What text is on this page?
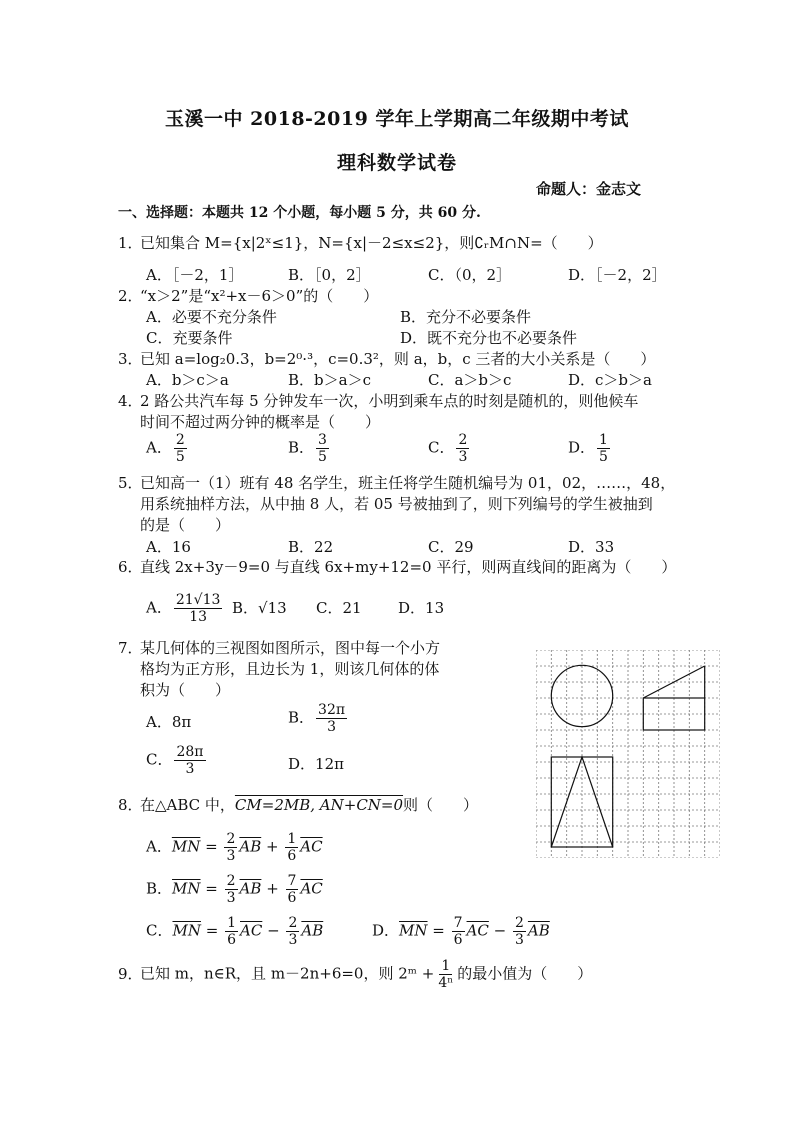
玉溪一中 2018-2019 学年上学期高二年级期中考试
理科数学试卷
命题人：金志文
一、选择题：本题共 12 个小题，每小题 5 分，共 60 分.
1．已知集合 M={x|2ˣ≤1}，N={x|－2≤x≤2}，则∁ᵣM∩N=（　　）
A．［－2，1］	B．［0，2］	C．（0，2］	D．［－2，2］
2．“x＞2”是“x²+x－6＞0”的（　　）
A．必要不充分条件	B．充分不必要条件
C．充要条件	D．既不充分也不必要条件
3．已知 a=log₂0.3，b=2⁰·³，c=0.3²，则 a，b，c 三者的大小关系是（　　）
A．b＞c＞a	B．b＞a＞c	C．a＞b＞c	D．c＞b＞a
4．2 路公共汽车每 5 分钟发车一次，小明到乘车点的时刻是随机的，则他候车
时间不超过两分钟的概率是（　　）
A． $\frac{2}{5}$	B． $\frac{3}{5}$	C． $\frac{2}{3}$	D． $\frac{1}{5}$
5．已知高一（1）班有 48 名学生，班主任将学生随机编号为 01，02，……，48，
用系统抽样方法，从中抽 8 人，若 05 号被抽到了，则下列编号的学生被抽到
的是（　　）
A．16	B．22	C．29	D．33
6．直线 2x+3y－9=0 与直线 6x+my+12=0 平行，则两直线间的距离为（　　）
A． $\frac{21√13}{13}$ B．√13 C．21 D．13
7．某几何体的三视图如图所示，图中每一个小方
格均为正方形，且边长为 1，则该几何体的体
积为（　　）
A．8π	B． $\frac{32\pi}{3}$
C． $\frac{28\pi}{3}$	D．12π
8．在△ABC 中，CM=2MB, AN+CN=0则（　　）
A．$\overline{MN} = \frac{2}{3} \overline{AB} + \frac{1}{6} \overline{AC}$
B．$\overline{MN} = \frac{2}{3} \overline{AB} + \frac{7}{6} \overline{AC}$
C．$\overline{MN} = \frac{1}{6} \overline{AC} - \frac{2}{3} \overline{AB}$	D．$\overline{MN} = \frac{7}{6} \overline{AC} - \frac{2}{3} \overline{AB}$
9．已知 m，n∈R，且 m－2n+6=0，则 2ᵐ + $\frac{1}{\text{4ⁿ}}$ 的最小值为（　　）
